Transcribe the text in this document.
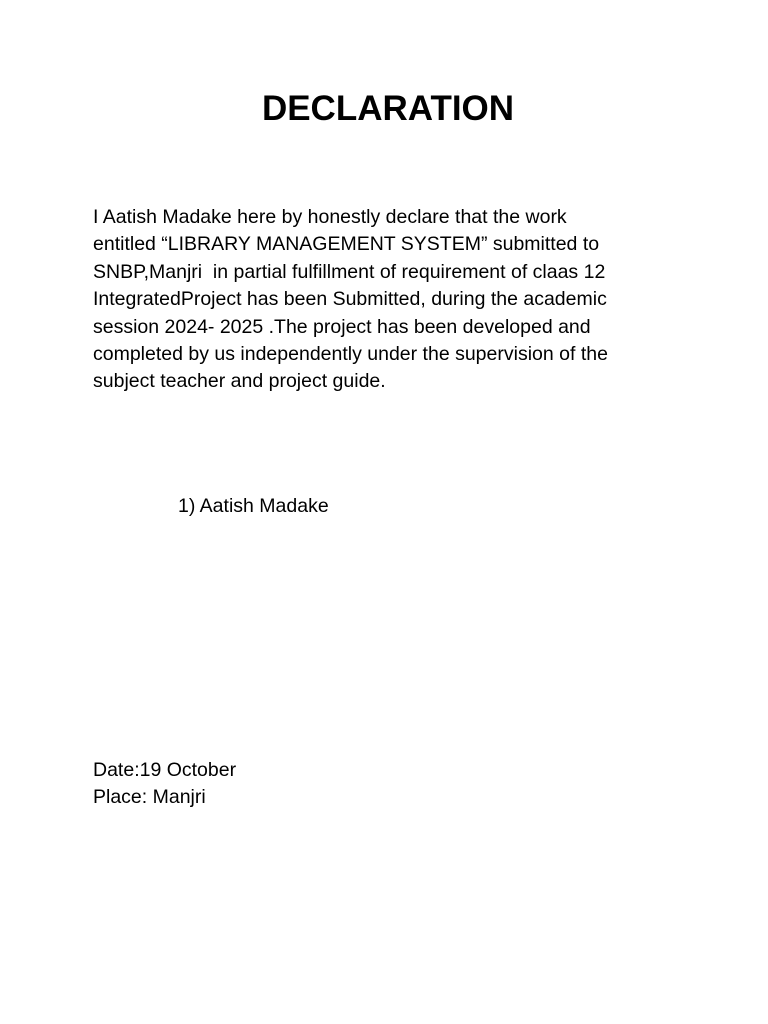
DECLARATION
I Aatish Madake here by honestly declare that the work
entitled “LIBRARY MANAGEMENT SYSTEM” submitted to
SNBP,Manjri  in partial fulfillment of requirement of claas 12
IntegratedProject has been Submitted, during the academic
session 2024- 2025 .The project has been developed and
completed by us independently under the supervision of the
subject teacher and project guide.

1) Aatish Madake

Date:19 October
Place: Manjri
